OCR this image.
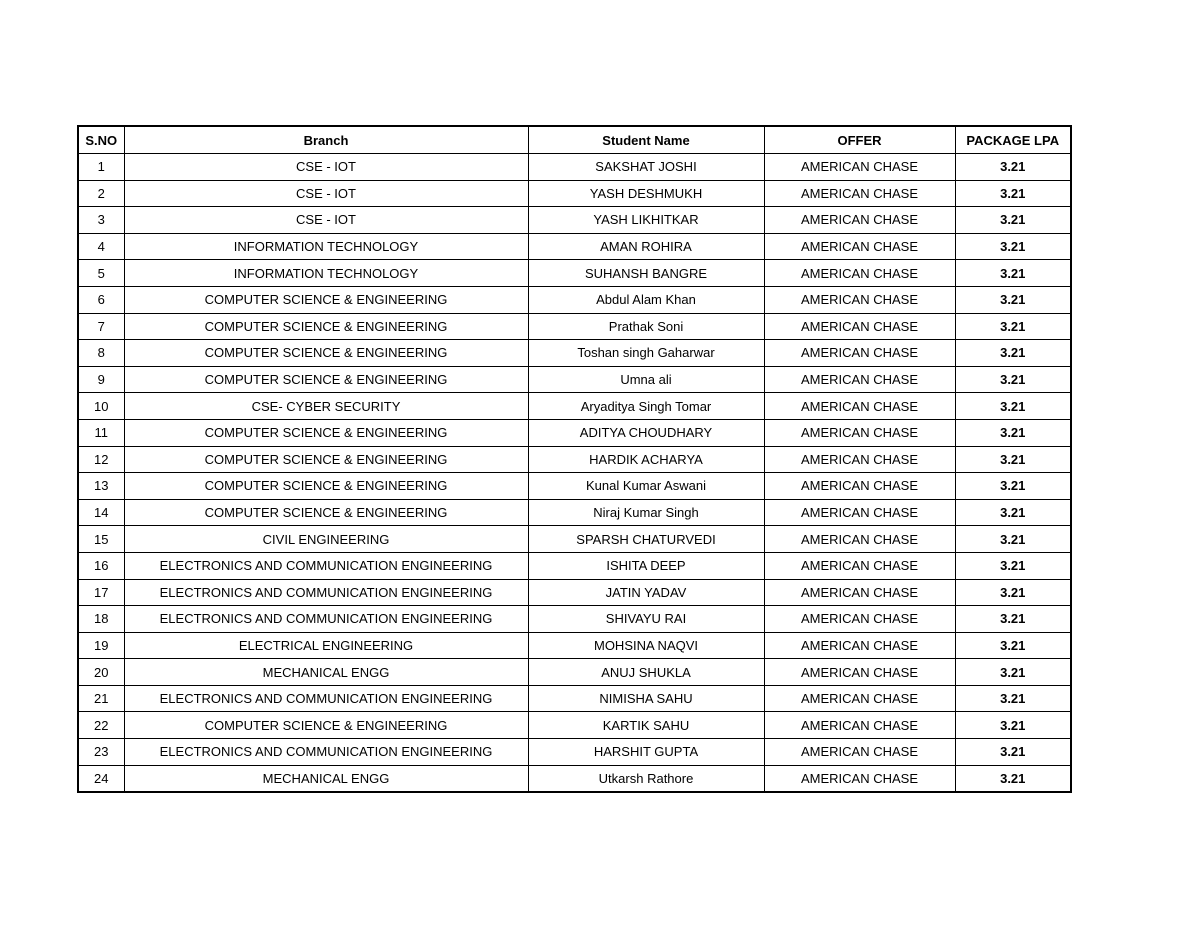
S.NO	Branch	Student Name	OFFER	PACKAGE LPA
1	CSE - IOT	SAKSHAT JOSHI	AMERICAN CHASE	3.21
2	CSE - IOT	YASH DESHMUKH	AMERICAN CHASE	3.21
3	CSE - IOT	YASH LIKHITKAR	AMERICAN CHASE	3.21
4	INFORMATION TECHNOLOGY	AMAN ROHIRA	AMERICAN CHASE	3.21
5	INFORMATION TECHNOLOGY	SUHANSH BANGRE	AMERICAN CHASE	3.21
6	COMPUTER SCIENCE & ENGINEERING	Abdul Alam Khan	AMERICAN CHASE	3.21
7	COMPUTER SCIENCE & ENGINEERING	Prathak Soni	AMERICAN CHASE	3.21
8	COMPUTER SCIENCE & ENGINEERING	Toshan singh Gaharwar	AMERICAN CHASE	3.21
9	COMPUTER SCIENCE & ENGINEERING	Umna ali	AMERICAN CHASE	3.21
10	CSE- CYBER SECURITY	Aryaditya Singh Tomar	AMERICAN CHASE	3.21
11	COMPUTER SCIENCE & ENGINEERING	ADITYA CHOUDHARY	AMERICAN CHASE	3.21
12	COMPUTER SCIENCE & ENGINEERING	HARDIK ACHARYA	AMERICAN CHASE	3.21
13	COMPUTER SCIENCE & ENGINEERING	Kunal Kumar Aswani	AMERICAN CHASE	3.21
14	COMPUTER SCIENCE & ENGINEERING	Niraj Kumar Singh	AMERICAN CHASE	3.21
15	CIVIL ENGINEERING	SPARSH CHATURVEDI	AMERICAN CHASE	3.21
16	ELECTRONICS AND COMMUNICATION ENGINEERING	ISHITA DEEP	AMERICAN CHASE	3.21
17	ELECTRONICS AND COMMUNICATION ENGINEERING	JATIN YADAV	AMERICAN CHASE	3.21
18	ELECTRONICS AND COMMUNICATION ENGINEERING	SHIVAYU RAI	AMERICAN CHASE	3.21
19	ELECTRICAL ENGINEERING	MOHSINA NAQVI	AMERICAN CHASE	3.21
20	MECHANICAL ENGG	ANUJ SHUKLA	AMERICAN CHASE	3.21
21	ELECTRONICS AND COMMUNICATION ENGINEERING	NIMISHA SAHU	AMERICAN CHASE	3.21
22	COMPUTER SCIENCE & ENGINEERING	KARTIK SAHU	AMERICAN CHASE	3.21
23	ELECTRONICS AND COMMUNICATION ENGINEERING	HARSHIT GUPTA	AMERICAN CHASE	3.21
24	MECHANICAL ENGG	Utkarsh Rathore	AMERICAN CHASE	3.21
